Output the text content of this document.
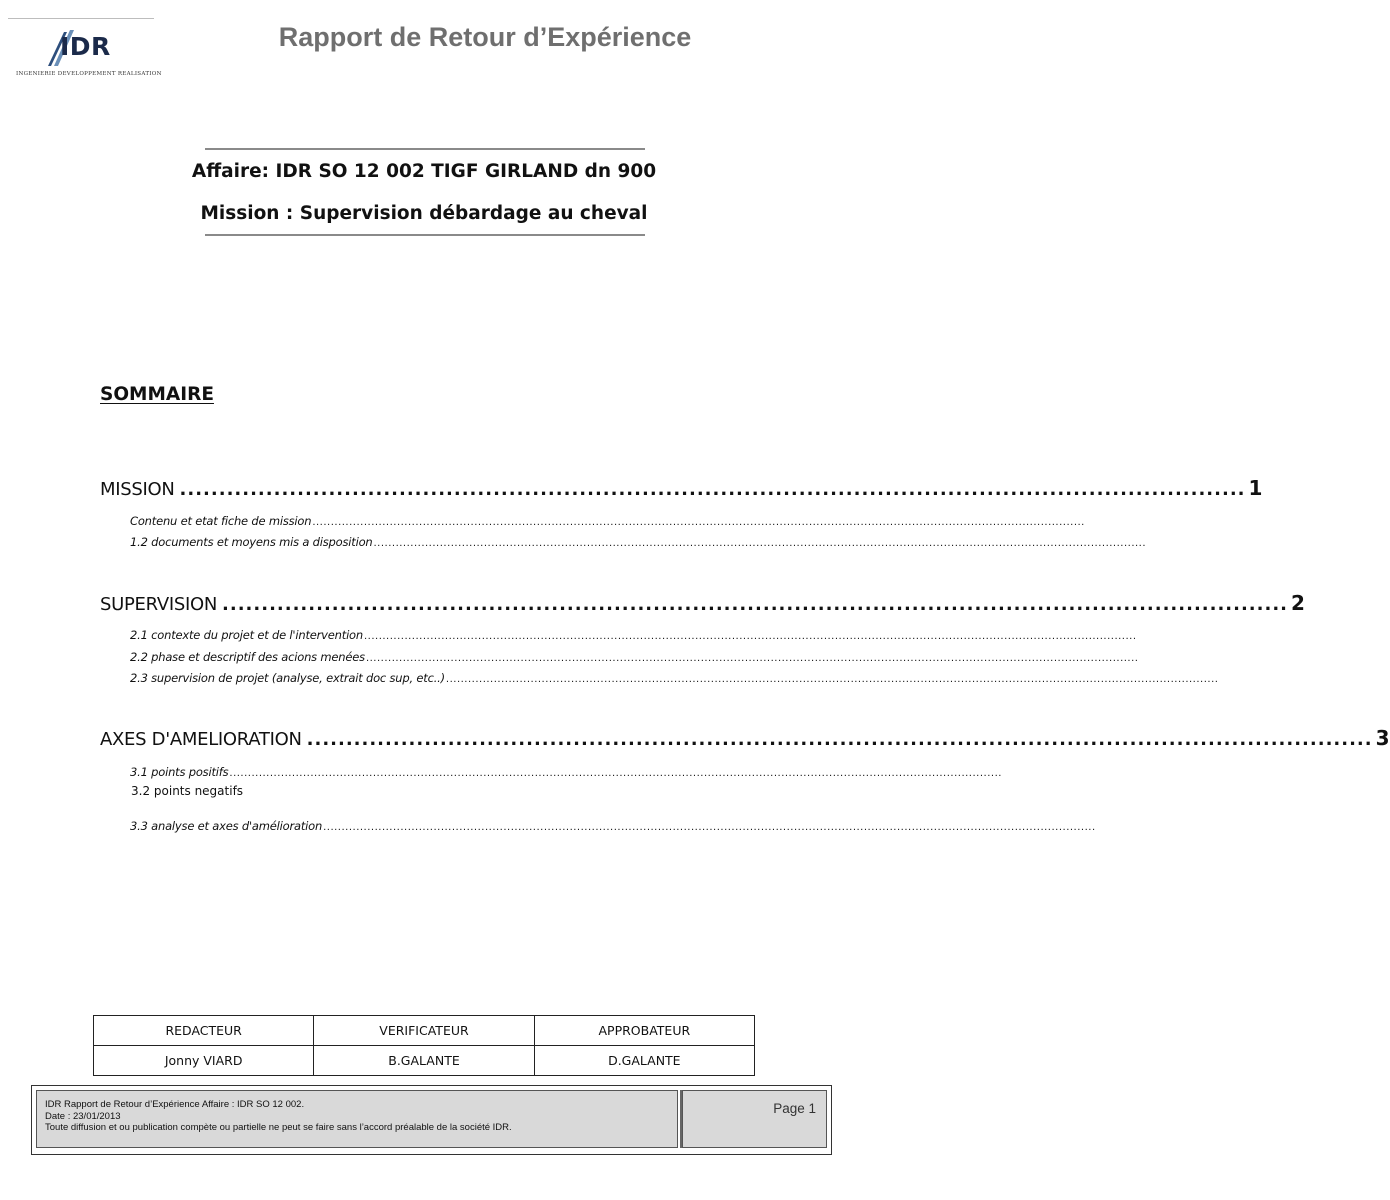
IDR
INGENIERIE DEVELOPPEMENT REALISATION
Rapport de Retour d’Expérience
Affaire: IDR SO 12 002 TIGF GIRLAND dn 900
Mission : Supervision débardage au cheval
SOMMAIRE
MISSION ........................................................................................................................................ 1
Contenu et etat fiche de mission ..................................................................................................................................................................................................................
1.2 documents et moyens mis a disposition ..................................................................................................................................................................................................................
SUPERVISION ........................................................................................................................................ 2
2.1 contexte du projet et de l'intervention ..................................................................................................................................................................................................................
2.2 phase et descriptif des acions menées ..................................................................................................................................................................................................................
2.3 supervision de projet (analyse, extrait doc sup, etc..) ..................................................................................................................................................................................................................
AXES D'AMELIORATION ........................................................................................................................................ 3
3.1 points positifs ..................................................................................................................................................................................................................
3.2 points negatifs
3.3 analyse et axes d'amélioration ..................................................................................................................................................................................................................
REDACTEUR	VERIFICATEUR	APPROBATEUR
Jonny VIARD	B.GALANTE	D.GALANTE
IDR Rapport de Retour d’Expérience Affaire : IDR SO 12 002.
Date : 23/01/2013
Toute diffusion et ou publication compète ou partielle ne peut se faire sans l’accord préalable de la société IDR.
Page 1
